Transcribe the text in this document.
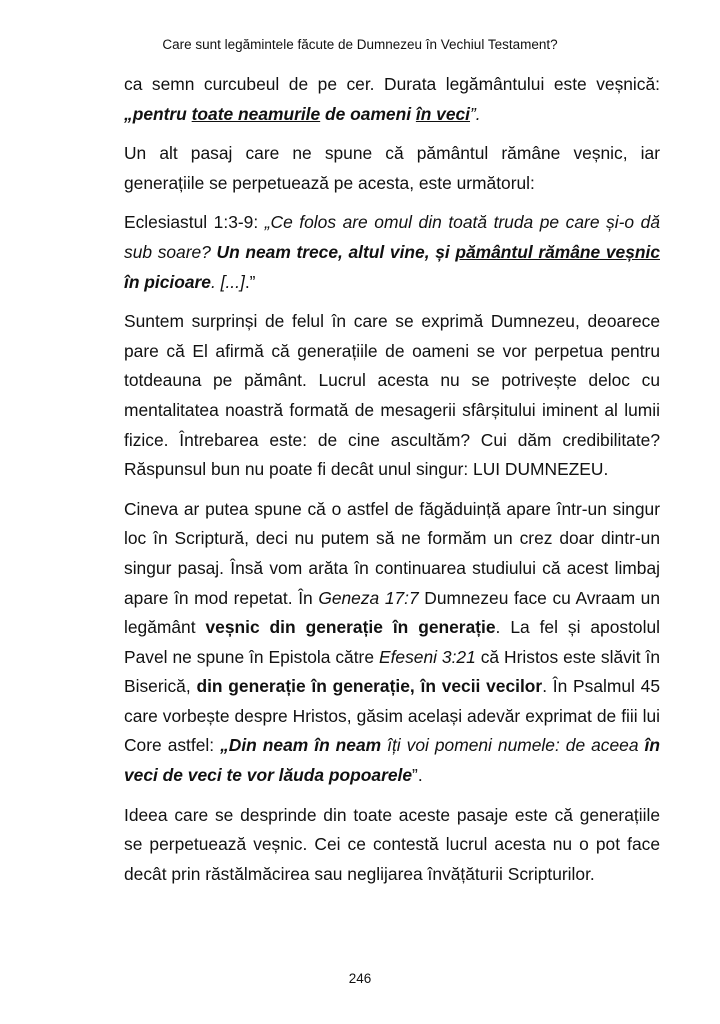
Care sunt legămintele făcute de Dumnezeu în Vechiul Testament?

ca semn curcubeul de pe cer. Durata legământului este veșnică: „pentru toate neamurile de oameni în veci”.

Un alt pasaj care ne spune că pământul rămâne veșnic, iar generațiile se perpetuează pe acesta, este următorul:

Eclesiastul 1:3-9: „Ce folos are omul din toată truda pe care și-o dă sub soare? Un neam trece, altul vine, și pământul rămâne veșnic în picioare. [...].”

Suntem surprinși de felul în care se exprimă Dumnezeu, deoarece pare că El afirmă că generațiile de oameni se vor perpetua pentru totdeauna pe pământ. Lucrul acesta nu se potrivește deloc cu mentalitatea noastră formată de mesagerii sfârșitului iminent al lumii fizice. Întrebarea este: de cine ascultăm? Cui dăm credibilitate? Răspunsul bun nu poate fi decât unul singur: LUI DUMNEZEU.

Cineva ar putea spune că o astfel de făgăduință apare într-un singur loc în Scriptură, deci nu putem să ne formăm un crez doar dintr-un singur pasaj. Însă vom arăta în continuarea studiului că acest limbaj apare în mod repetat. În Geneza 17:7 Dumnezeu face cu Avraam un legământ veșnic din generație în generație. La fel și apostolul Pavel ne spune în Epistola către Efeseni 3:21 că Hristos este slăvit în Biserică, din generație în generație, în vecii vecilor. În Psalmul 45 care vorbește despre Hristos, găsim același adevăr exprimat de fiii lui Core astfel: „Din neam în neam îți voi pomeni numele: de aceea în veci de veci te vor lăuda popoarele”.

Ideea care se desprinde din toate aceste pasaje este că generațiile se perpetuează veșnic. Cei ce contestă lucrul acesta nu o pot face decât prin răstălmăcirea sau neglijarea învățăturii Scripturilor.

246
